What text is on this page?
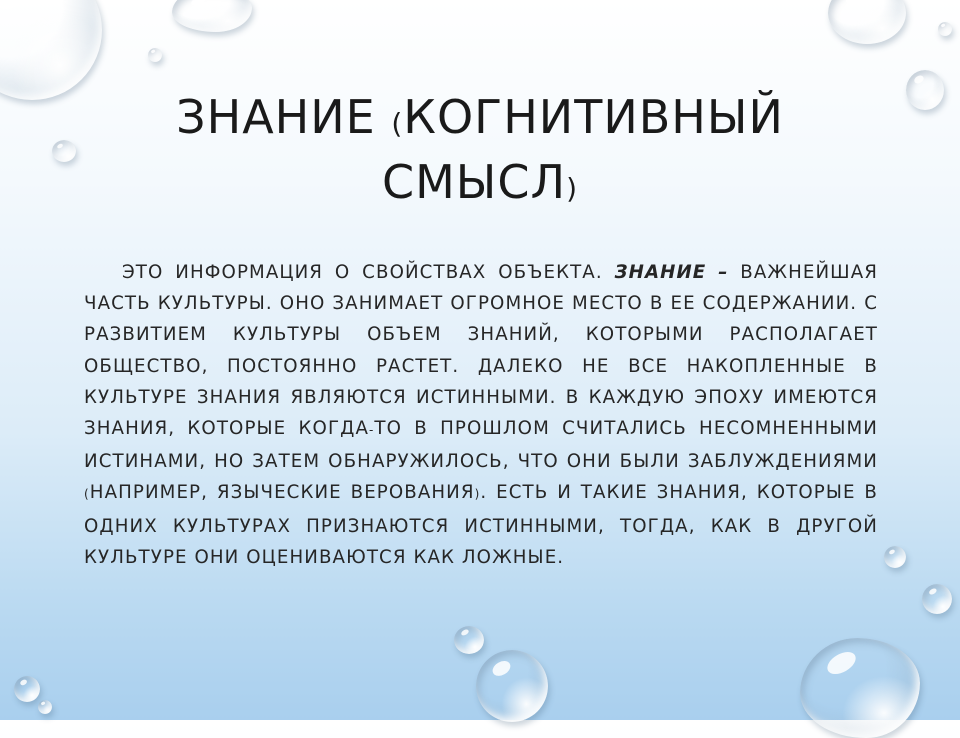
ЗНАНИЕ (КОГНИТИВНЫЙ
СМЫСЛ)
ЭТО ИНФОРМАЦИЯ О СВОЙСТВАХ ОБЪЕКТА. ЗНАНИЕ – ВАЖНЕЙШАЯ ЧАСТЬ КУЛЬТУРЫ. ОНО ЗАНИМАЕТ ОГРОМНОЕ МЕСТО В ЕЕ СОДЕРЖАНИИ. С РАЗВИТИЕМ КУЛЬТУРЫ ОБЪЕМ ЗНАНИЙ, КОТОРЫМИ РАСПОЛАГАЕТ ОБЩЕСТВО, ПОСТОЯННО РАСТЕТ. ДАЛЕКО НЕ ВСЕ НАКОПЛЕННЫЕ В КУЛЬТУРЕ ЗНАНИЯ ЯВЛЯЮТСЯ ИСТИННЫМИ. В КАЖДУЮ ЭПОХУ ИМЕЮТСЯ ЗНАНИЯ, КОТОРЫЕ КОГДА-ТО В ПРОШЛОМ СЧИТАЛИСЬ НЕСОМНЕННЫМИ ИСТИНАМИ, НО ЗАТЕМ ОБНАРУЖИЛОСЬ, ЧТО ОНИ БЫЛИ ЗАБЛУЖДЕНИЯМИ (НАПРИМЕР, ЯЗЫЧЕСКИЕ ВЕРОВАНИЯ). ЕСТЬ И ТАКИЕ ЗНАНИЯ, КОТОРЫЕ В ОДНИХ КУЛЬТУРАХ ПРИЗНАЮТСЯ ИСТИННЫМИ, ТОГДА, КАК В ДРУГОЙ КУЛЬТУРЕ ОНИ ОЦЕНИВАЮТСЯ КАК ЛОЖНЫЕ.
